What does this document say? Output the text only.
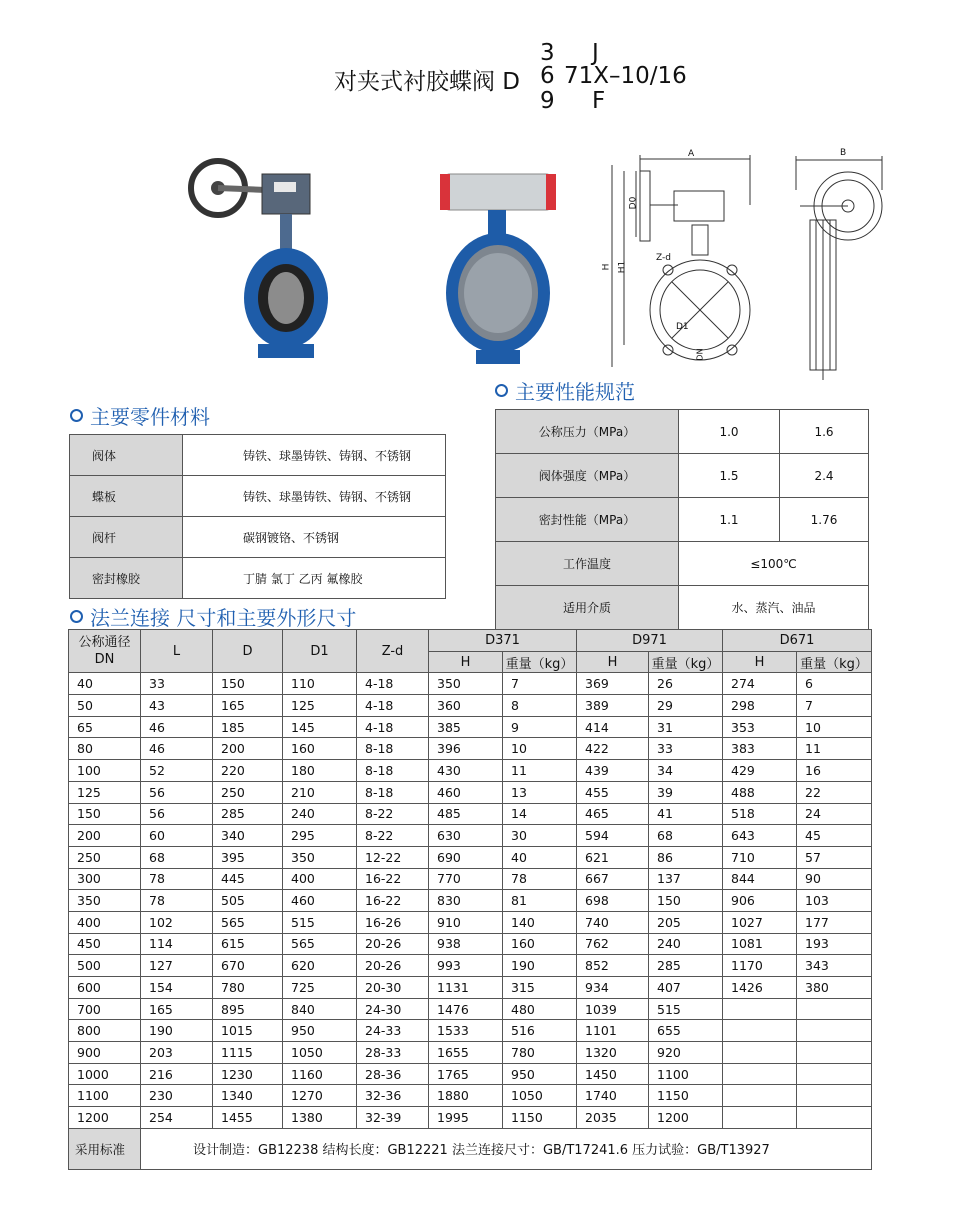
对夹式衬胶蝶阀 D
3
6
9
J
71X–10/16
F
A
D0
H H1
Z-d
D1
DN
B
主要零件材料
阀体	铸铁、球墨铸铁、铸钢、不锈钢
蝶板	铸铁、球墨铸铁、铸钢、不锈钢
阀杆	碳钢镀铬、不锈钢
密封橡胶	丁腈 氯丁 乙丙 氟橡胶
主要性能规范
公称压力（MPa）	1.0	1.6
阀体强度（MPa）	1.5	2.4
密封性能（MPa）	1.1	1.76
工作温度	≤100℃	
适用介质	水、蒸汽、油品	
法兰连接 尺寸和主要外形尺寸
公称通径
DN	L	D	D1	Z-d	D371		D971		D671	
					H	重量（kg）	H	重量（kg）	H	重量（kg）
40	33	150	110	4-18	350	7	369	26	274	6
50	43	165	125	4-18	360	8	389	29	298	7
65	46	185	145	4-18	385	9	414	31	353	10
80	46	200	160	8-18	396	10	422	33	383	11
100	52	220	180	8-18	430	11	439	34	429	16
125	56	250	210	8-18	460	13	455	39	488	22
150	56	285	240	8-22	485	14	465	41	518	24
200	60	340	295	8-22	630	30	594	68	643	45
250	68	395	350	12-22	690	40	621	86	710	57
300	78	445	400	16-22	770	78	667	137	844	90
350	78	505	460	16-22	830	81	698	150	906	103
400	102	565	515	16-26	910	140	740	205	1027	177
450	114	615	565	20-26	938	160	762	240	1081	193
500	127	670	620	20-26	993	190	852	285	1170	343
600	154	780	725	20-30	1131	315	934	407	1426	380
700	165	895	840	24-30	1476	480	1039	515		
800	190	1015	950	24-33	1533	516	1101	655		
900	203	1115	1050	28-33	1655	780	1320	920		
1000	216	1230	1160	28-36	1765	950	1450	1100		
1100	230	1340	1270	32-36	1880	1050	1740	1150		
1200	254	1455	1380	32-39	1995	1150	2035	1200		
采用标准	设计制造：GB12238 结构长度：GB12221 法兰连接尺寸：GB/T17241.6 压力试验：GB/T13927									
